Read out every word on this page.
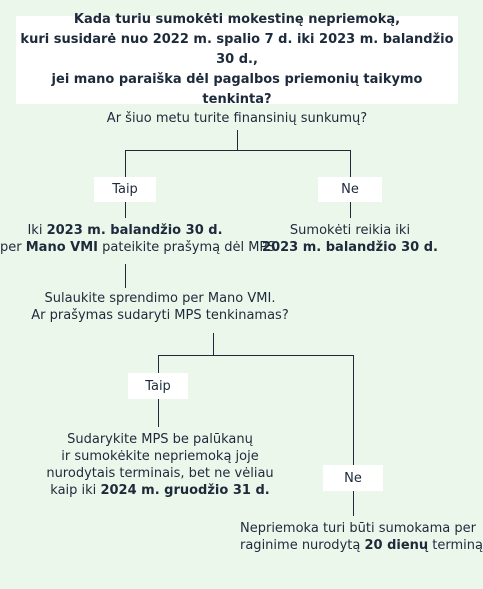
Kada turiu sumokėti mokestinę nepriemoką,
kuri susidarė nuo 2022 m. spalio 7 d. iki 2023 m. balandžio 30 d.,
jei mano paraiška dėl pagalbos priemonių taikymo tenkinta?
Ar šiuo metu turite finansinių sunkumų?
Taip	Ne
Iki 2023 m. balandžio 30 d.
per Mano VMI pateikite prašymą dėl MPS
Sumokėti reikia iki
2023 m. balandžio 30 d.
Sulaukite sprendimo per Mano VMI.
Ar prašymas sudaryti MPS tenkinamas?
Taip
Sudarykite MPS be palūkanų
ir sumokėkite nepriemoką joje
nurodytais terminais, bet ne vėliau
kaip iki 2024 m. gruodžio 31 d.
Ne
Nepriemoka turi būti sumokama per
raginime nurodytą 20 dienų terminą
